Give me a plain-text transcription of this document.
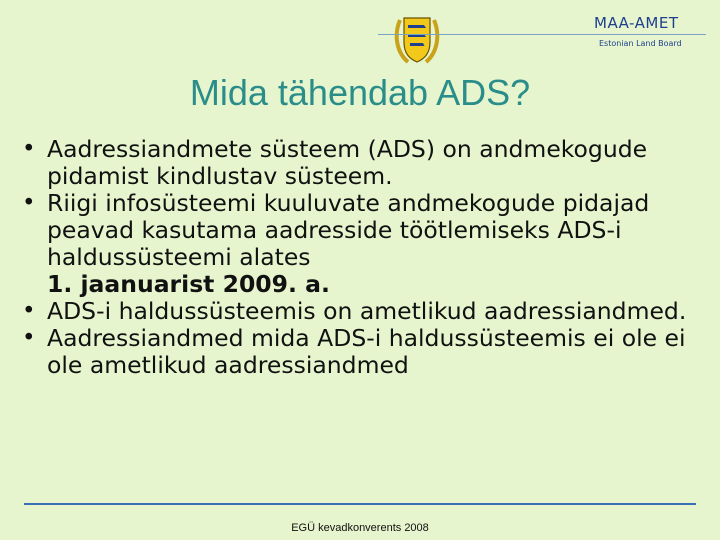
MAA-AMET
Estonian Land Board
Mida tähendab ADS?
• Aadressiandmete süsteem (ADS) on andmekogude pidamist kindlustav süsteem.
• Riigi infosüsteemi kuuluvate andmekogude pidajad peavad kasutama aadresside töötlemiseks ADS-i haldussüsteemi alates
1. jaanuarist 2009. a.
• ADS-i haldussüsteemis on ametlikud aadressiandmed.
• Aadressiandmed mida ADS-i haldussüsteemis ei ole ei ole ametlikud aadressiandmed
EGÜ kevadkonverents 2008
